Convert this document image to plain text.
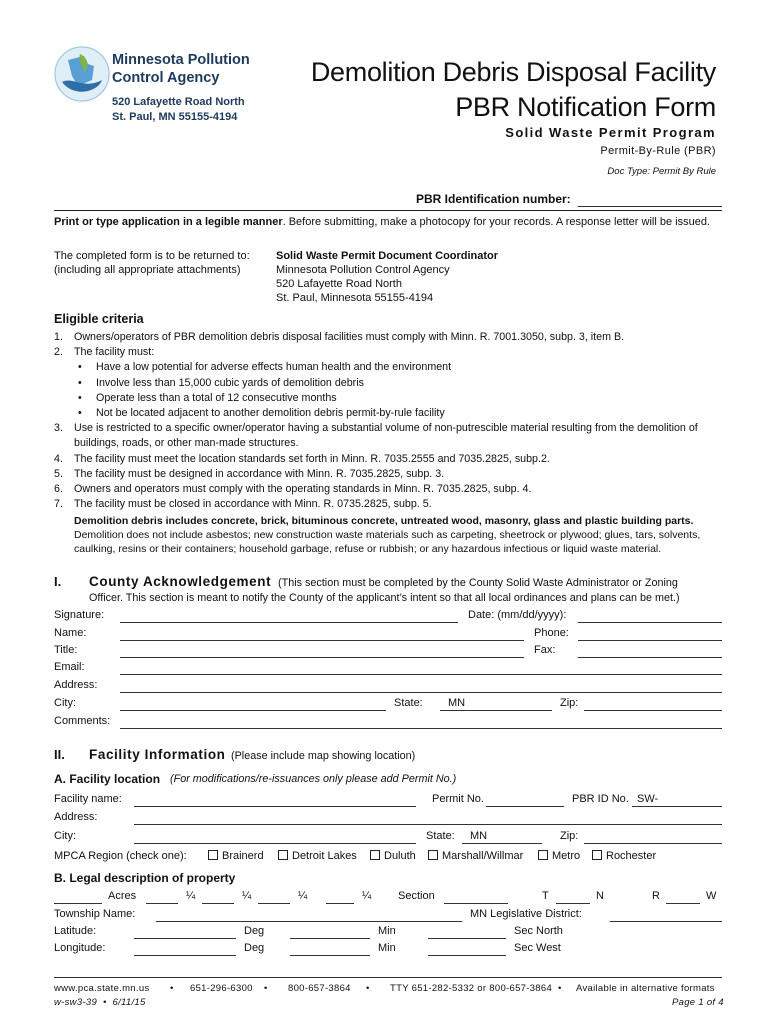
Minnesota Pollution
Control Agency
520 Lafayette Road North
St. Paul, MN 55155-4194
Demolition Debris Disposal Facility
PBR Notification Form
Solid Waste Permit Program
Permit-By-Rule (PBR)
Doc Type: Permit By Rule
PBR Identification number:
Print or type application in a legible manner. Before submitting, make a photocopy for your records. A response letter will be issued.
The completed form is to be returned to:
(including all appropriate attachments)
Solid Waste Permit Document Coordinator
Minnesota Pollution Control Agency
520 Lafayette Road North
St. Paul, Minnesota 55155-4194
Eligible criteria
1. Owners/operators of PBR demolition debris disposal facilities must comply with Minn. R. 7001.3050, subp. 3, item B.
2. The facility must:
• Have a low potential for adverse effects human health and the environment
• Involve less than 15,000 cubic yards of demolition debris
• Operate less than a total of 12 consecutive months
• Not be located adjacent to another demolition debris permit-by-rule facility
3. Use is restricted to a specific owner/operator having a substantial volume of non-putrescible material resulting from the demolition of buildings, roads, or other man-made structures.
4. The facility must meet the location standards set forth in Minn. R. 7035.2555 and 7035.2825, subp.2.
5. The facility must be designed in accordance with Minn. R. 7035.2825, subp. 3.
6. Owners and operators must comply with the operating standards in Minn. R. 7035.2825, subp. 4.
7. The facility must be closed in accordance with Minn. R. 0735.2825, subp. 5.
Demolition debris includes concrete, brick, bituminous concrete, untreated wood, masonry, glass and plastic building parts.
Demolition does not include asbestos; new construction waste materials such as carpeting, sheetrock or plywood; glues, tars, solvents,
caulking, resins or their containers; household garbage, refuse or rubbish; or any hazardous infectious or liquid waste material.
I. County Acknowledgement (This section must be completed by the County Solid Waste Administrator or Zoning
Officer. This section is meant to notify the County of the applicant’s intent so that all local ordinances and plans can be met.)
Signature:	Date: (mm/dd/yyyy):
Name:	Phone:
Title:	Fax:
Email:
Address:
City:	State: MN	Zip:
Comments:
II. Facility Information (Please include map showing location)
A. Facility location (For modifications/re-issuances only please add Permit No.)
Facility name:	Permit No.	PBR ID No. SW-
Address:
City:	State: MN	Zip:
MPCA Region (check one):	Brainerd	Detroit Lakes	Duluth	Marshall/Willmar	Metro	Rochester
B. Legal description of property
Acres	¼	¼	¼	¼ Section	T	N	R	W
Township Name:	MN Legislative District:
Latitude:	Deg	Min	Sec North
Longitude:	Deg	Min	Sec West
www.pca.state.mn.us • 651-296-6300 • 800-657-3864 • TTY 651-282-5332 or 800-657-3864 • Available in alternative formats
w-sw3-39 • 6/11/15	Page 1 of 4
